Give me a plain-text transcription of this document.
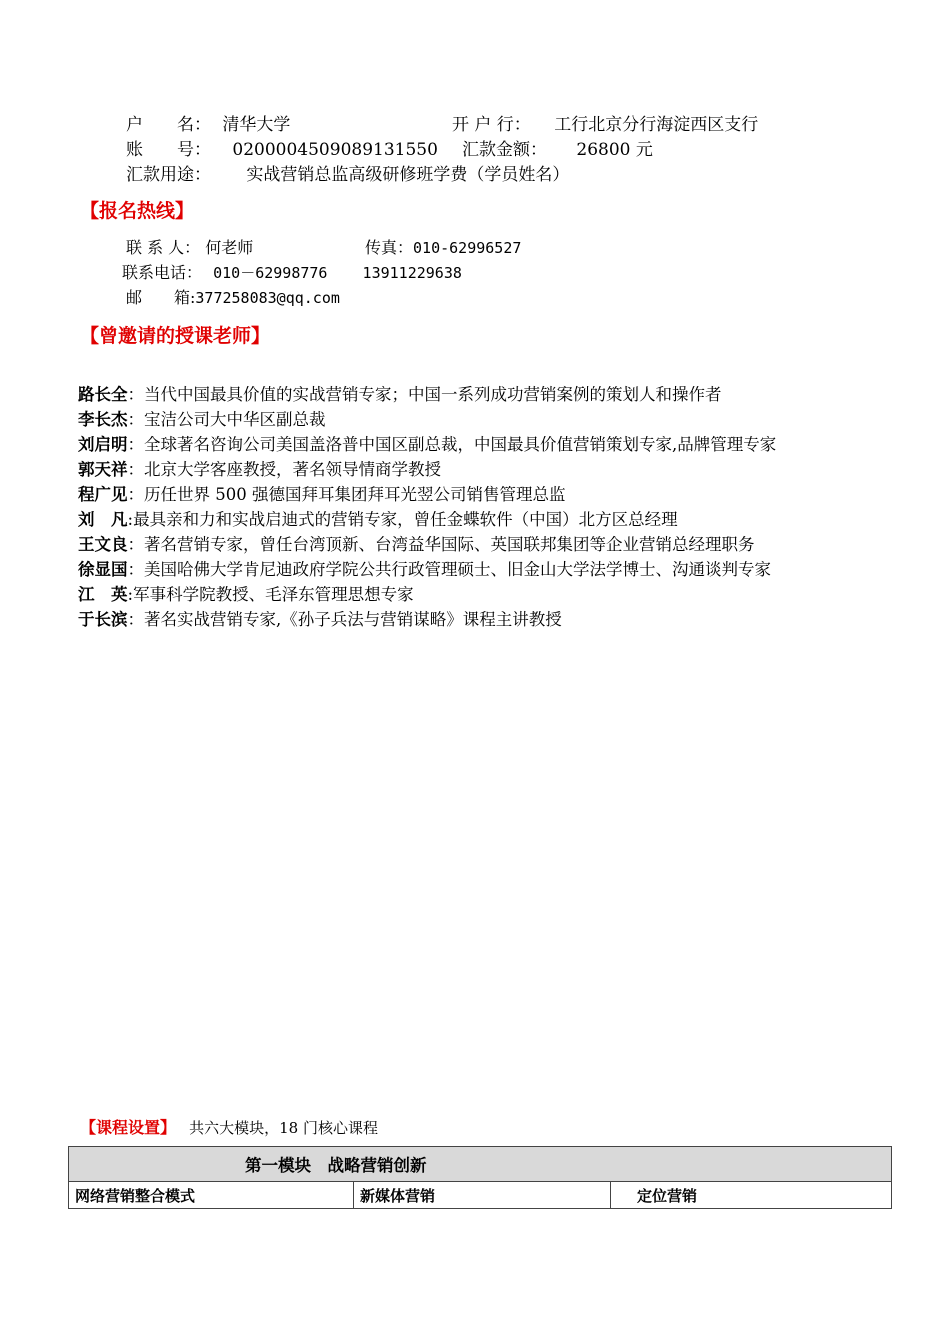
户　　名： 清华大学	开 户 行： 工行北京分行海淀西区支行
账　　号： 0200004509089131550 汇款金额： 26800 元
汇款用途： 实战营销总监高级研修班学费（学员姓名）
【报名热线】
联 系 人： 何老师	传真：010-62996527
联系电话： 010－62998776 13911229638
邮　　箱:377258083@qq.com
【曾邀请的授课老师】
路长全：当代中国最具价值的实战营销专家；中国一系列成功营销案例的策划人和操作者
李长杰：宝洁公司大中华区副总裁
刘启明：全球著名咨询公司美国盖洛普中国区副总裁，中国最具价值营销策划专家,品牌管理专家
郭天祥：北京大学客座教授，著名领导情商学教授
程广见：历任世界 500 强德国拜耳集团拜耳光翌公司销售管理总监
刘　凡:最具亲和力和实战启迪式的营销专家，曾任金蝶软件（中国）北方区总经理
王文良：著名营销专家，曾任台湾顶新、台湾益华国际、英国联邦集团等企业营销总经理职务
徐显国：美国哈佛大学肯尼迪政府学院公共行政管理硕士、旧金山大学法学博士、沟通谈判专家
江　英:军事科学院教授、毛泽东管理思想专家
于长滨：著名实战营销专家,《孙子兵法与营销谋略》课程主讲教授
【课程设置】 共六大模块，18 门核心课程
第一模块　战略营销创新
网络营销整合模式	新媒体营销	定位营销
